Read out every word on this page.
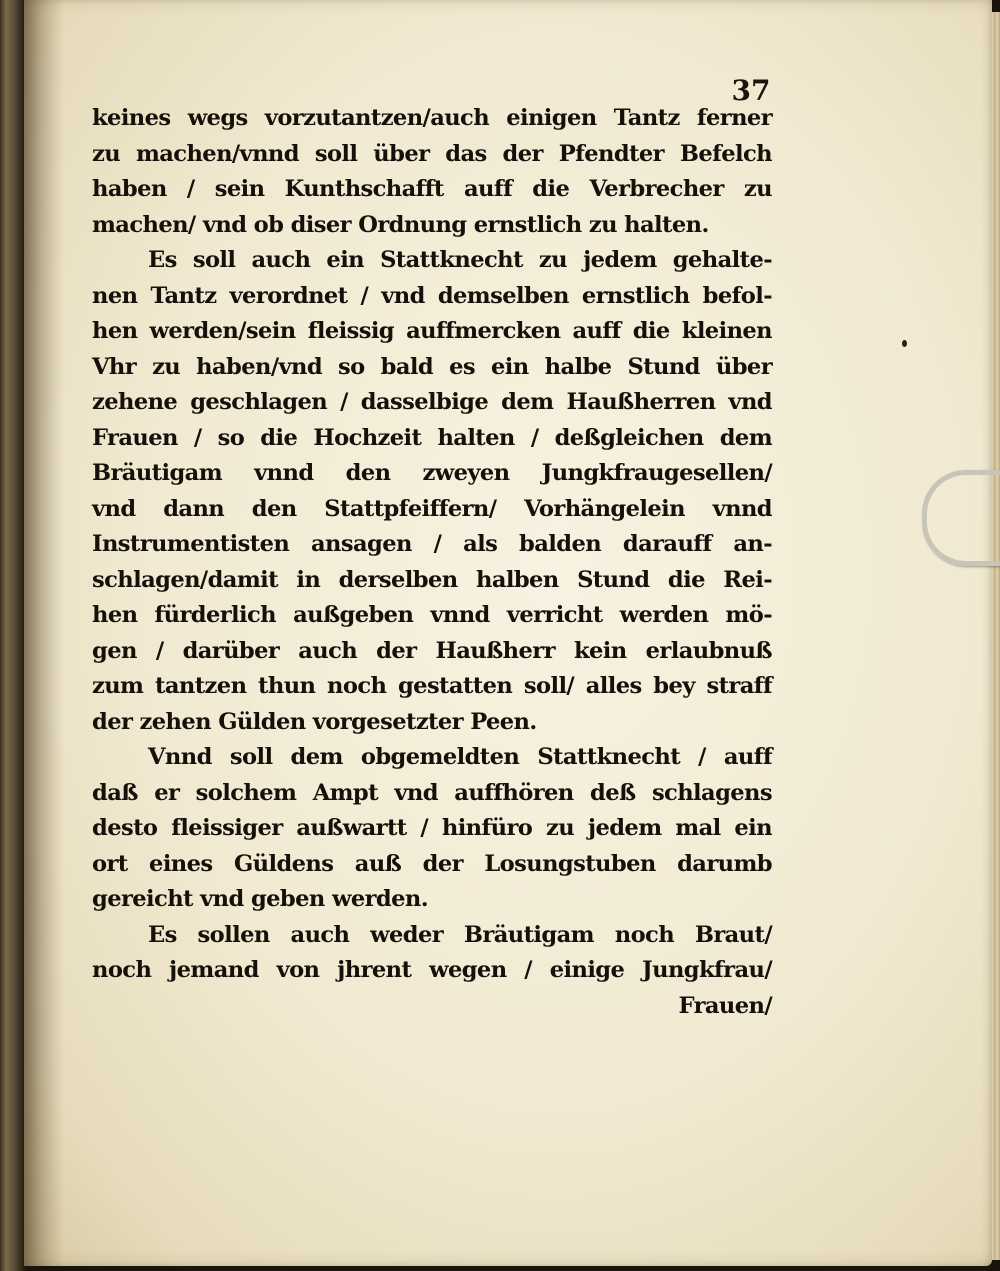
37
keines wegs vorzutantzen/auch einigen Tantz ferner
zu machen/vnnd soll über das der Pfendter Befelch
haben / sein Kunthschafft auff die Verbrecher zu
machen/ vnd ob diser Ordnung ernstlich zu halten.
Es soll auch ein Stattknecht zu jedem gehalte-
nen Tantz verordnet / vnd demselben ernstlich befol-
hen werden/sein fleissig auffmercken auff die kleinen
Vhr zu haben/vnd so bald es ein halbe Stund über
zehene geschlagen / dasselbige dem Haußherren vnd
Frauen / so die Hochzeit halten / deßgleichen dem
Bräutigam vnnd den zweyen Jungkfraugesellen/
vnd dann den Stattpfeiffern/ Vorhängelein vnnd
Instrumentisten ansagen / als balden darauff an-
schlagen/damit in derselben halben Stund die Rei-
hen fürderlich außgeben vnnd verricht werden mö-
gen / darüber auch der Haußherr kein erlaubnuß
zum tantzen thun noch gestatten soll/ alles bey straff
der zehen Gülden vorgesetzter Peen.
Vnnd soll dem obgemeldten Stattknecht / auff
daß er solchem Ampt vnd auffhören deß schlagens
desto fleissiger außwartt / hinfüro zu jedem mal ein
ort eines Güldens auß der Losungstuben darumb
gereicht vnd geben werden.
Es sollen auch weder Bräutigam noch Braut/
noch jemand von jhrent wegen / einige Jungkfrau/
Frauen/
